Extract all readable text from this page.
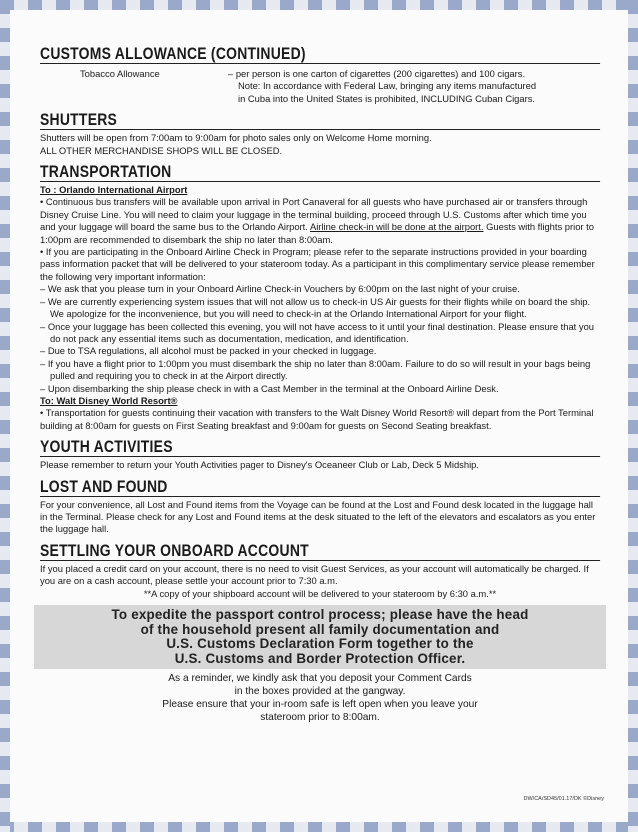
CUSTOMS ALLOWANCE (CONTINUED)
Tobacco Allowance	– per person is one carton of cigarettes (200 cigarettes) and 100 cigars.

Note: In accordance with Federal Law, bringing any items manufactured

in Cuba into the United States is prohibited, INCLUDING Cuban Cigars.

SHUTTERS

Shutters will be open from 7:00am to 9:00am for photo sales only on Welcome Home morning.

ALL OTHER MERCHANDISE SHOPS WILL BE CLOSED.

TRANSPORTATION
To : Orlando International Airport

• Continuous bus transfers will be available upon arrival in Port Canaveral for all guests who have purchased air or transfers through Disney Cruise Line. You will need to claim your luggage in the terminal building, proceed through U.S. Customs after which time you and your luggage will board the same bus to the Orlando Airport. Airline check-in will be done at the airport. Guests with flights prior to 1:00pm are recommended to disembark the ship no later than 8:00am.

• If you are participating in the Onboard Airline Check in Program; please refer to the separate instructions provided in your boarding pass information packet that will be delivered to your stateroom today. As a participant in this complimentary service please remember the following very important information:

– We ask that you please turn in your Onboard Airline Check-in Vouchers by 6:00pm on the last night of your cruise.
– We are currently experiencing system issues that will not allow us to check-in US Air guests for their flights while on board the ship. We apologize for the inconvenience, but you will need to check-in at the Orlando International Airport for your flight.
– Once your luggage has been collected this evening, you will not have access to it until your final destination. Please ensure that you do not pack any essential items such as documentation, medication, and identification.
– Due to TSA regulations, all alcohol must be packed in your checked in luggage.
– If you have a flight prior to 1:00pm you must disembark the ship no later than 8:00am. Failure to do so will result in your bags being pulled and requiring you to check in at the Airport directly.
– Upon disembarking the ship please check in with a Cast Member in the terminal at the Onboard Airline Desk.
To: Walt Disney World Resort®

• Transportation for guests continuing their vacation with transfers to the Walt Disney World Resort® will depart from the Port Terminal building at 8:00am for guests on First Seating breakfast and 9:00am for guests on Second Seating breakfast.

YOUTH ACTIVITIES

Please remember to return your Youth Activities pager to Disney's Oceaneer Club or Lab, Deck 5 Midship.

LOST AND FOUND

For your convenience, all Lost and Found items from the Voyage can be found at the Lost and Found desk located in the luggage hall in the Terminal. Please check for any Lost and Found items at the desk situated to the left of the elevators and escalators as you enter the luggage hall.

SETTLING YOUR ONBOARD ACCOUNT

If you placed a credit card on your account, there is no need to visit Guest Services, as your account will automatically be charged. If you are on a cash account, please settle your account prior to 7:30 a.m.

**A copy of your shipboard account will be delivered to your stateroom by 6:30 a.m.**

To expedite the passport control process; please have the head
of the household present all family documentation and
U.S. Customs Declaration Form together to the
U.S. Customs and Border Protection Officer.
As a reminder, we kindly ask that you deposit your Comment Cards
in the boxes provided at the gangway.
Please ensure that your in-room safe is left open when you leave your
stateroom prior to 8:00am.
DW/CA/SD45/01.17/DK ©Disney
